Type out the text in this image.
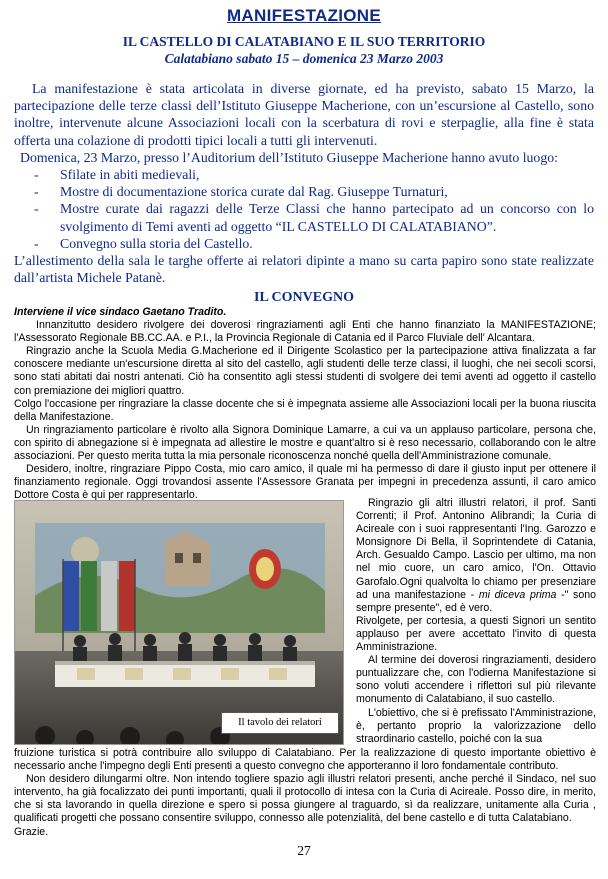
MANIFESTAZIONE
IL CASTELLO DI CALATABIANO E IL SUO TERRITORIO
Calatabiano sabato 15 – domenica 23 Marzo 2003

La manifestazione è stata articolata in diverse giornate, ed ha previsto, sabato 15 Marzo, la partecipazione delle terze classi dell’Istituto Giuseppe Macherione, con un’escursione al Castello, sono inoltre, intervenute alcune Associazioni locali con la scerbatura di rovi e sterpaglie, alla fine è stata offerta una colazione di prodotti tipici locali a tutti gli intervenuti.

Domenica, 23 Marzo, presso l’Auditorium dell’Istituto Giuseppe Macherione hanno avuto luogo:

- Sfilate in abiti medievali,
- Mostre di documentazione storica curate dal Rag. Giuseppe Turnaturi,
- Mostre curate dai ragazzi delle Terze Classi che hanno partecipato ad un concorso con lo svolgimento di Temi aventi ad oggetto “IL CASTELLO DI CALATABIANO”.
- Convegno sulla storia del Castello.

L’allestimento della sala le targhe offerte ai relatori dipinte a mano su carta papiro sono state realizzate dall’artista Michele Patanè.

IL CONVEGNO

Interviene il vice sindaco Gaetano Tradito.

Innanzitutto desidero rivolgere dei doverosi ringraziamenti agli Enti che hanno finanziato la MANIFESTAZIONE; l'Assessorato Regionale BB.CC.AA. e P.I., la Provincia Regionale di Catania ed il Parco Fluviale dell' Alcantara.

Ringrazio anche la Scuola Media G.Macherione ed il Dirigente Scolastico per la partecipazione attiva finalizzata a far conoscere mediante un'escursione diretta al sito del castello, agli studenti delle terze classi, il luoghi, che nei secoli scorsi, sono stati abitati dai nostri antenati. Ciò ha consentito agli stessi studenti di svolgere dei temi aventi ad oggetto il castello con premiazione dei migliori quattro.

Colgo l'occasione per ringraziare la classe docente che si è impegnata assieme alle Associazioni locali per la buona riuscita della Manifestazione.

Un ringraziamento particolare è rivolto alla Signora Dominique Lamarre, a cui va un applauso particolare, persona che, con spirito di abnegazione si è impegnata ad allestire le mostre e quant'altro si è reso necessario, collaborando con le altre associazioni. Per questo merita tutta la mia personale riconoscenza nonché quella dell'Amministrazione comunale.

Desidero, inoltre, ringraziare Pippo Costa, mio caro amico, il quale mi ha permesso di dare il giusto input per ottenere il finanziamento regionale. Oggi trovandosi assente l'Assessore Granata per impegni in precedenza assunti, il caro amico Dottore Costa è qui per rappresentarlo.

Il tavolo dei relatori

Ringrazio gli altri illustri relatori, il prof. Santi Correnti; il Prof. Antonino Alibrandi; la Curia di Acireale con i suoi rappresentanti l'Ing. Garozzo e Monsignore Di Bella, il Soprintendete di Catania, Arch. Gesualdo Campo. Lascio per ultimo, ma non nel mio cuore, un caro amico, l'On. Ottavio Garofalo.Ogni qualvolta lo chiamo per presenziare ad una manifestazione - mi diceva prima -" sono sempre presente", ed è vero.

Rivolgete, per cortesia, a questi Signori un sentito applauso per avere accettato l'invito di questa Amministrazione.

Al termine dei doverosi ringraziamenti, desidero puntualizzare che, con l'odierna Manifestazione si sono voluti accendere i riflettori sul più rilevante monumento di Calatabiano, il suo castello.

L'obiettivo, che si è prefissato l'Amministrazione, è, pertanto proprio la valorizzazione dello straordinario castello, poiché con la sua

fruizione turistica si potrà contribuire allo sviluppo di Calatabiano. Per la realizzazione di questo importante obiettivo è necessario anche l'impegno degli Enti presenti a questo convegno che apporteranno il loro fondamentale contributo.

Non desidero dilungarmi oltre. Non intendo togliere spazio agli illustri relatori presenti, anche perché il Sindaco, nel suo intervento, ha già focalizzato dei punti importanti, quali il protocollo di intesa con la Curia di Acireale. Posso dire, in merito, che si sta lavorando in quella direzione e spero si possa giungere al traguardo, sì da realizzare, unitamente alla Curia , qualificati progetti che possano consentire sviluppo, connesso alle potenzialità, del bene castello e di tutta Calatabiano.

Grazie.

27
